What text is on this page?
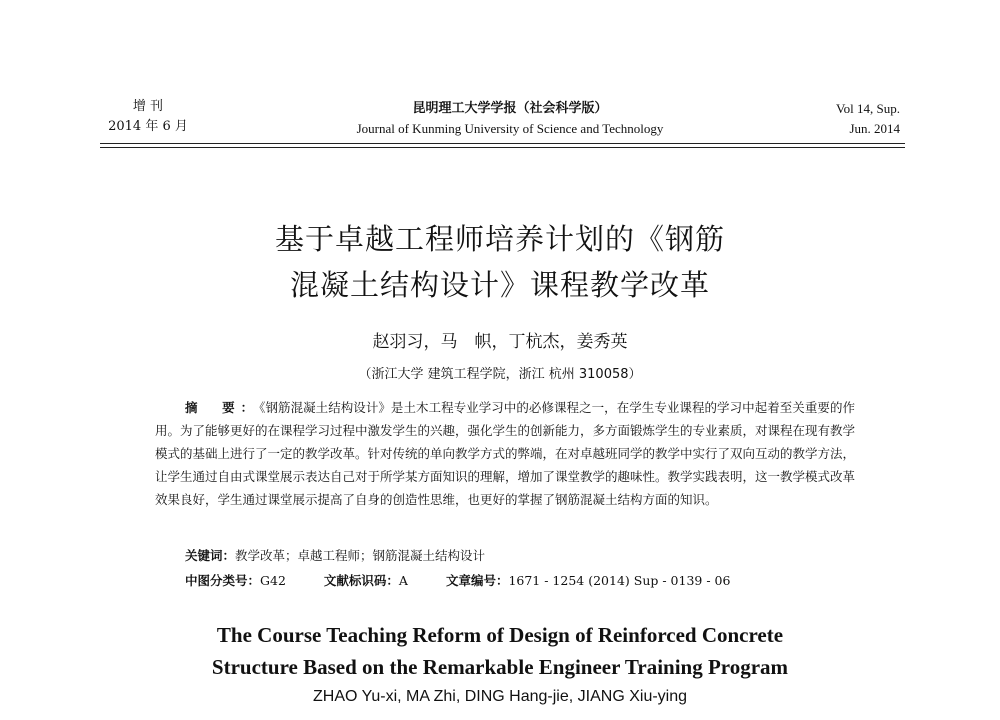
增 刊
2014 年 6 月
昆明理工大学学报（社会科学版）
Journal of Kunming University of Science and Technology
Vol 14, Sup.
Jun. 2014
基于卓越工程师培养计划的《钢筋
混凝土结构设计》课程教学改革
赵羽习，马　帜，丁杭杰，姜秀英
（浙江大学 建筑工程学院，浙江 杭州 310058）
摘　要：《钢筋混凝土结构设计》是土木工程专业学习中的必修课程之一，在学生专业课程的学习中起着至关重要的作用。为了能够更好的在课程学习过程中激发学生的兴趣，强化学生的创新能力，多方面锻炼学生的专业素质，对课程在现有教学模式的基础上进行了一定的教学改革。针对传统的单向教学方式的弊端，在对卓越班同学的教学中实行了双向互动的教学方法，让学生通过自由式课堂展示表达自己对于所学某方面知识的理解，增加了课堂教学的趣味性。教学实践表明，这一教学模式改革效果良好，学生通过课堂展示提高了自身的创造性思维，也更好的掌握了钢筋混凝土结构方面的知识。
关键词：教学改革；卓越工程师；钢筋混凝土结构设计
中图分类号：G42	文献标识码：A	文章编号：1671 - 1254 (2014) Sup - 0139 - 06
The Course Teaching Reform of Design of Reinforced Concrete
Structure Based on the Remarkable Engineer Training Program
ZHAO Yu-xi, MA Zhi, DING Hang-jie, JIANG Xiu-ying
